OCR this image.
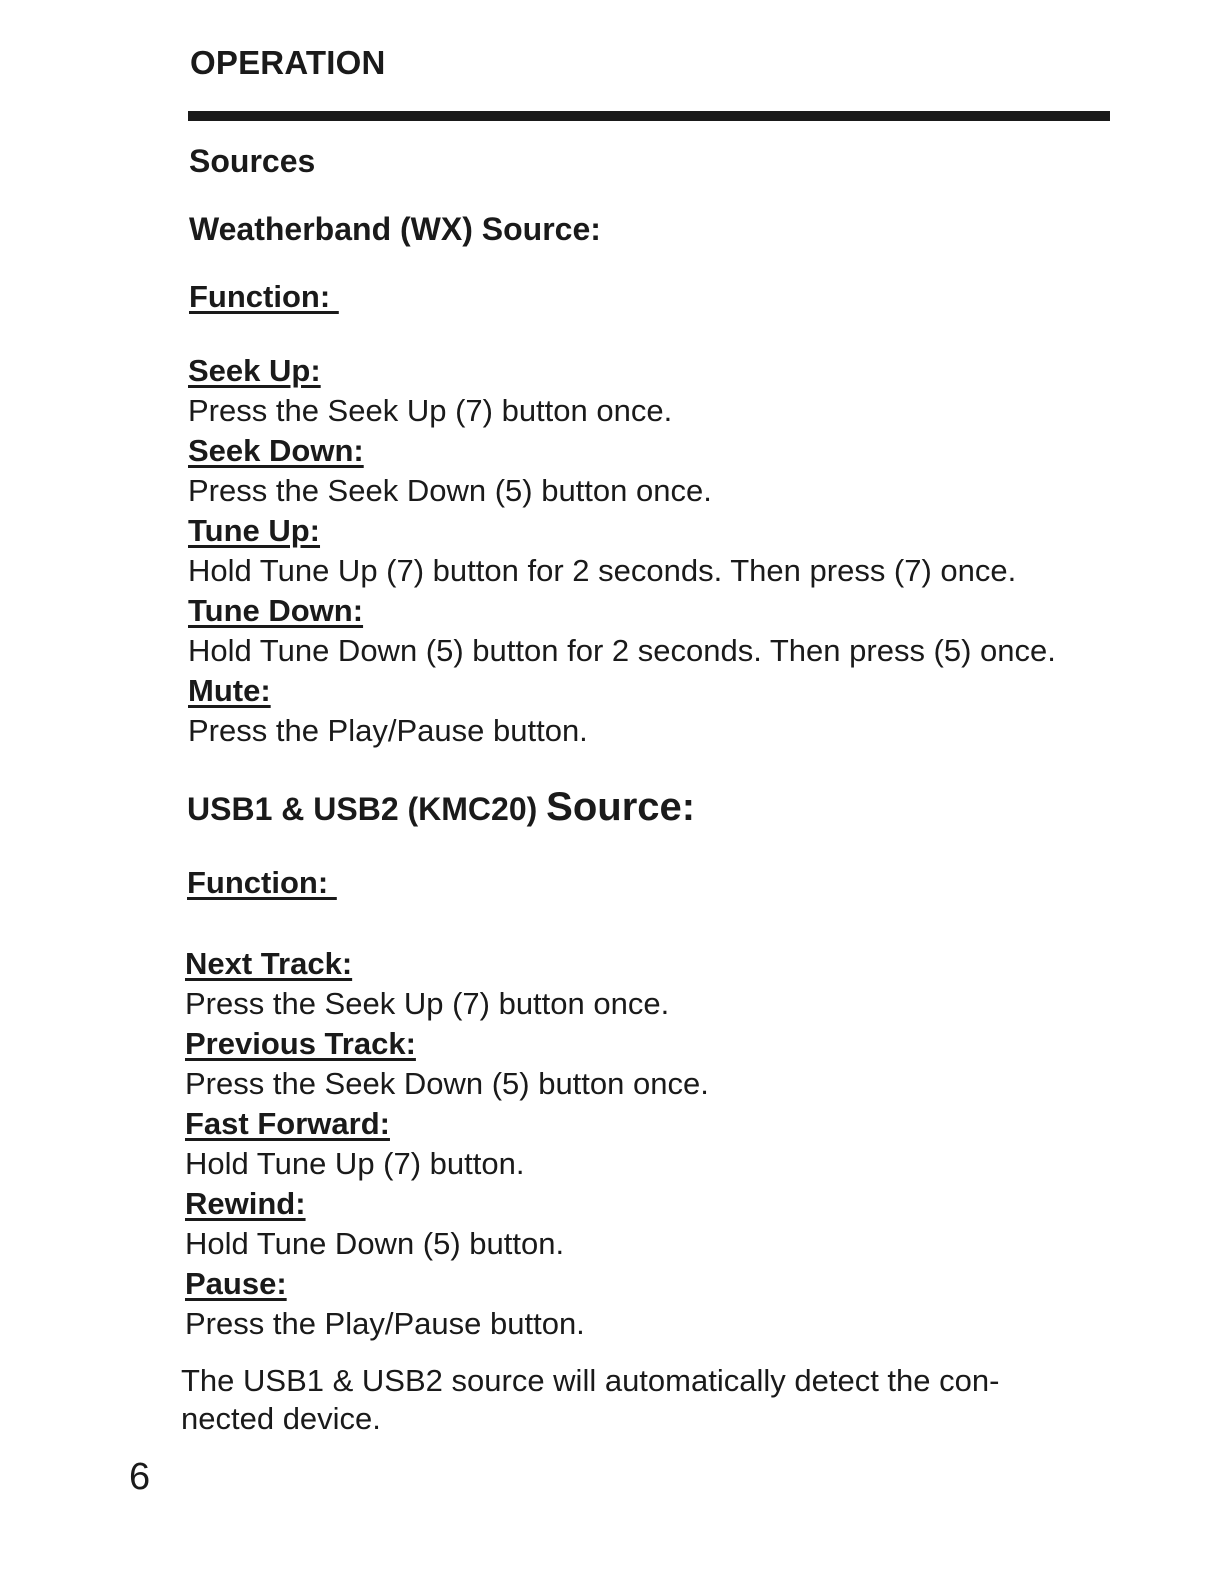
OPERATION
Sources
Weatherband (WX) Source:
Function:
Seek Up:
Press the Seek Up (7) button once.
Seek Down:
Press the Seek Down (5) button once.
Tune Up:
Hold Tune Up (7) button for 2 seconds. Then press (7) once.
Tune Down:
Hold Tune Down (5) button for 2 seconds. Then press (5) once.
Mute:
Press the Play/Pause button.
USB1 & USB2 (KMC20) Source:
Function:
Next Track:
Press the Seek Up (7) button once.
Previous Track:
Press the Seek Down (5) button once.
Fast Forward:
Hold Tune Up (7) button.
Rewind:
Hold Tune Down (5) button.
Pause:
Press the Play/Pause button.
The USB1 & USB2 source will automatically detect the con-nected device.
6
